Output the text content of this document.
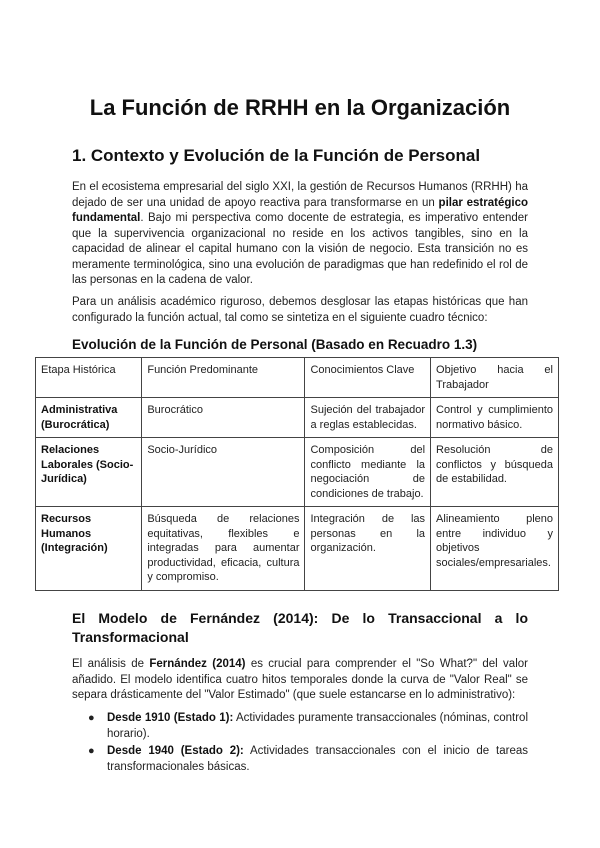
La Función de RRHH en la Organización
1. Contexto y Evolución de la Función de Personal

En el ecosistema empresarial del siglo XXI, la gestión de Recursos Humanos (RRHH) ha dejado de ser una unidad de apoyo reactiva para transformarse en un pilar estratégico fundamental. Bajo mi perspectiva como docente de estrategia, es imperativo entender que la supervivencia organizacional no reside en los activos tangibles, sino en la capacidad de alinear el capital humano con la visión de negocio. Esta transición no es meramente terminológica, sino una evolución de paradigmas que han redefinido el rol de las personas en la cadena de valor.

Para un análisis académico riguroso, debemos desglosar las etapas históricas que han configurado la función actual, tal como se sintetiza en el siguiente cuadro técnico:

Evolución de la Función de Personal (Basado en Recuadro 1.3)
Etapa Histórica	Función Predominante	Conocimientos Clave	Objetivo hacia el Trabajador
Administrativa (Burocrática)	Burocrático	Sujeción del trabajador a reglas establecidas.	Control y cumplimiento normativo básico.
Relaciones Laborales (Socio-Jurídica)	Socio-Jurídico	Composición del conflicto mediante la negociación de condiciones de trabajo.	Resolución de conflictos y búsqueda de estabilidad.
Recursos Humanos (Integración)	Búsqueda de relaciones equitativas, flexibles e integradas para aumentar productividad, eficacia, cultura y compromiso.	Integración de las personas en la organización.	Alineamiento pleno entre individuo y objetivos sociales/empresariales.
El Modelo de Fernández (2014): De lo Transaccional a lo Transformacional

El análisis de Fernández (2014) es crucial para comprender el "So What?" del valor añadido. El modelo identifica cuatro hitos temporales donde la curva de "Valor Real" se separa drásticamente del "Valor Estimado" (que suele estancarse en lo administrativo):

● Desde 1910 (Estado 1): Actividades puramente transaccionales (nóminas, control horario).
● Desde 1940 (Estado 2): Actividades transaccionales con el inicio de tareas transformacionales básicas.
